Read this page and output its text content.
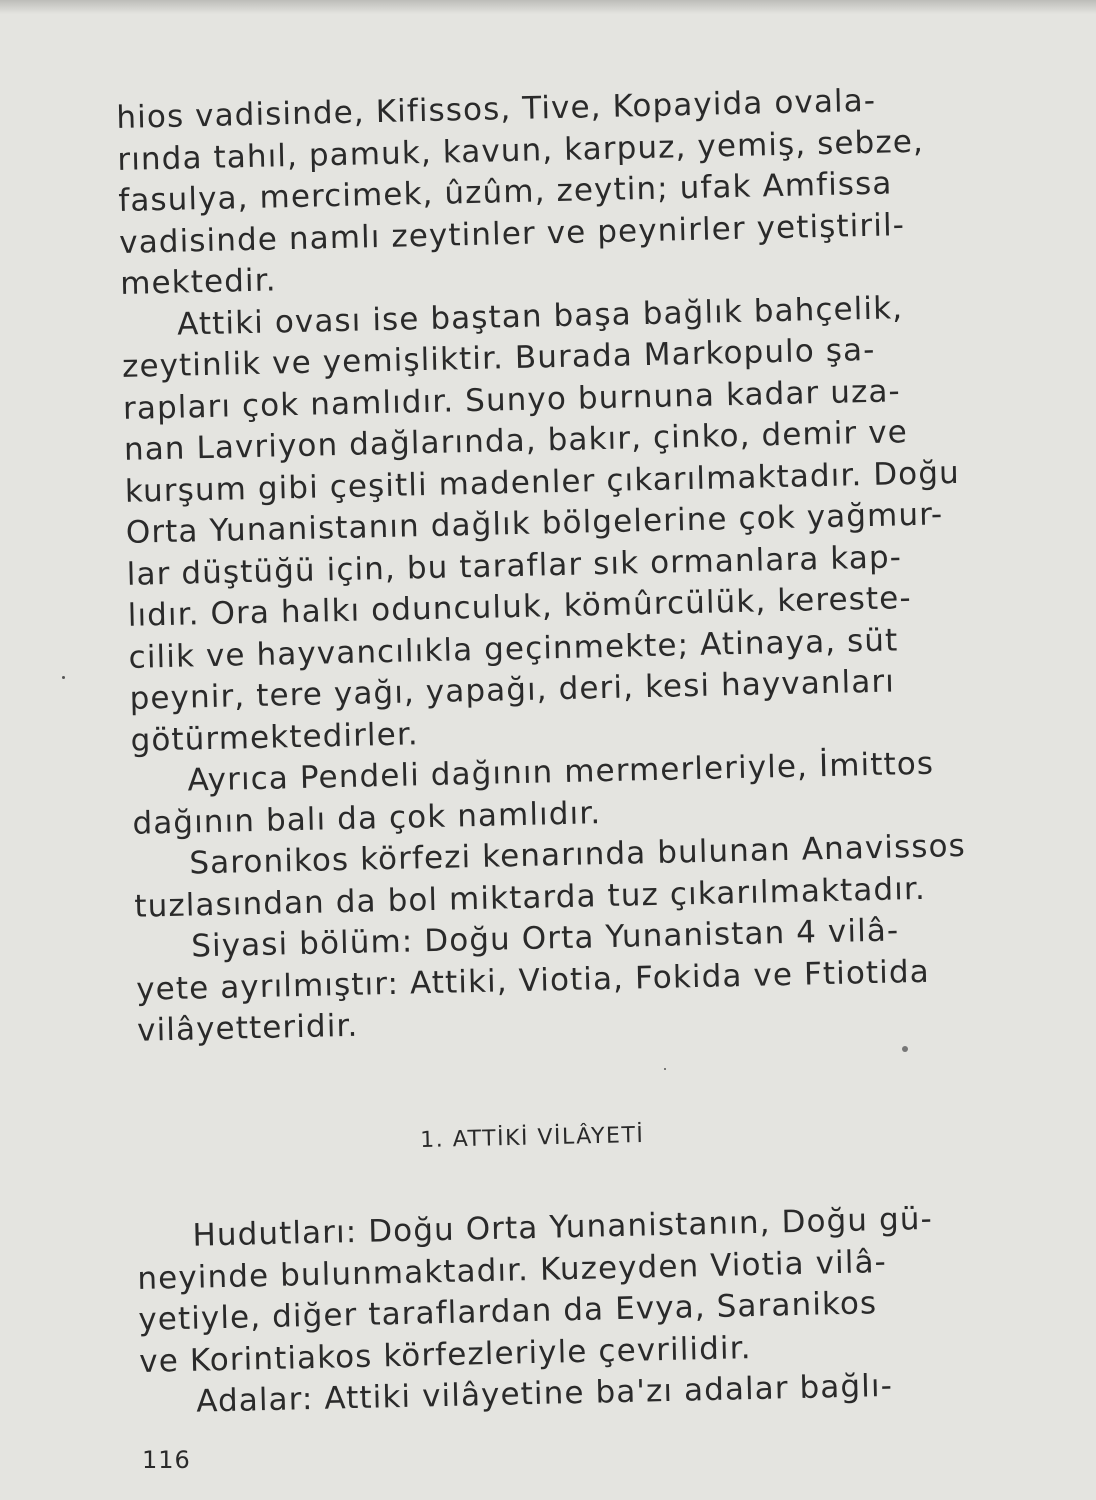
hios vadisinde, Kifissos, Tive, Kopayida ovala-
rında tahıl, pamuk, kavun, karpuz, yemiş, sebze,
fasulya, mercimek, ûzûm, zeytin; ufak Amfissa
vadisinde namlı zeytinler ve peynirler yetiştiril-
mektedir.
Attiki ovası ise baştan başa bağlık bahçelik,
zeytinlik ve yemişliktir. Burada Markopulo şa-
rapları çok namlıdır. Sunyo burnuna kadar uza-
nan Lavriyon dağlarında, bakır, çinko, demir ve
kurşum gibi çeşitli madenler çıkarılmaktadır. Doğu
Orta Yunanistanın dağlık bölgelerine çok yağmur-
lar düştüğü için, bu taraflar sık ormanlara kap-
lıdır. Ora halkı odunculuk, kömûrcülük, kereste-
cilik ve hayvancılıkla geçinmekte; Atinaya, süt
peynir, tere yağı, yapağı, deri, kesi hayvanları
götürmektedirler.
Ayrıca Pendeli dağının mermerleriyle, İmittos
dağının balı da çok namlıdır.
Saronikos körfezi kenarında bulunan Anavissos
tuzlasından da bol miktarda tuz çıkarılmaktadır.
Siyasi bölüm: Doğu Orta Yunanistan 4 vilâ-
yete ayrılmıştır: Attiki, Viotia, Fokida ve Ftiotida
vilâyetteridir.
1. ATTİKİ VİLÂYETİ
Hudutları: Doğu Orta Yunanistanın, Doğu gü-
neyinde bulunmaktadır. Kuzeyden Viotia vilâ-
yetiyle, diğer taraflardan da Evya, Saranikos
ve Korintiakos körfezleriyle çevrilidir.
Adalar: Attiki vilâyetine ba'zı adalar bağlı-
116
